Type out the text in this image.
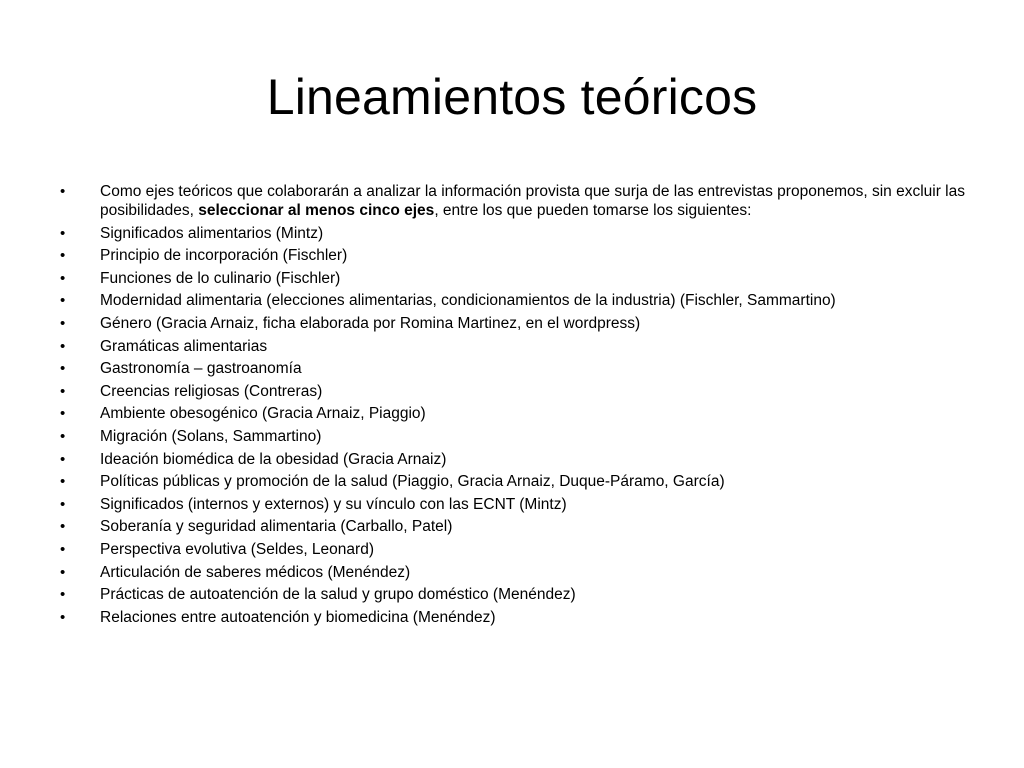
Lineamientos teóricos
Como ejes teóricos que colaborarán a analizar la información provista que surja de las entrevistas proponemos, sin excluir las posibilidades, seleccionar al menos cinco ejes, entre los que pueden tomarse los siguientes:
Significados alimentarios (Mintz)
Principio de incorporación (Fischler)
Funciones de lo culinario (Fischler)
Modernidad alimentaria (elecciones alimentarias, condicionamientos de la industria) (Fischler, Sammartino)
Género (Gracia Arnaiz, ficha elaborada por Romina Martinez, en el wordpress)
Gramáticas alimentarias
Gastronomía – gastroanomía
Creencias religiosas (Contreras)
Ambiente obesogénico (Gracia Arnaiz, Piaggio)
Migración (Solans, Sammartino)
Ideación biomédica de la obesidad (Gracia Arnaiz)
Políticas públicas y promoción de la salud (Piaggio, Gracia Arnaiz, Duque-Páramo, García)
Significados (internos y externos) y su vínculo con las ECNT (Mintz)
Soberanía y seguridad alimentaria (Carballo, Patel)
Perspectiva evolutiva (Seldes, Leonard)
Articulación de saberes médicos (Menéndez)
Prácticas de autoatención de la salud y grupo doméstico (Menéndez)
Relaciones entre autoatención y biomedicina (Menéndez)
